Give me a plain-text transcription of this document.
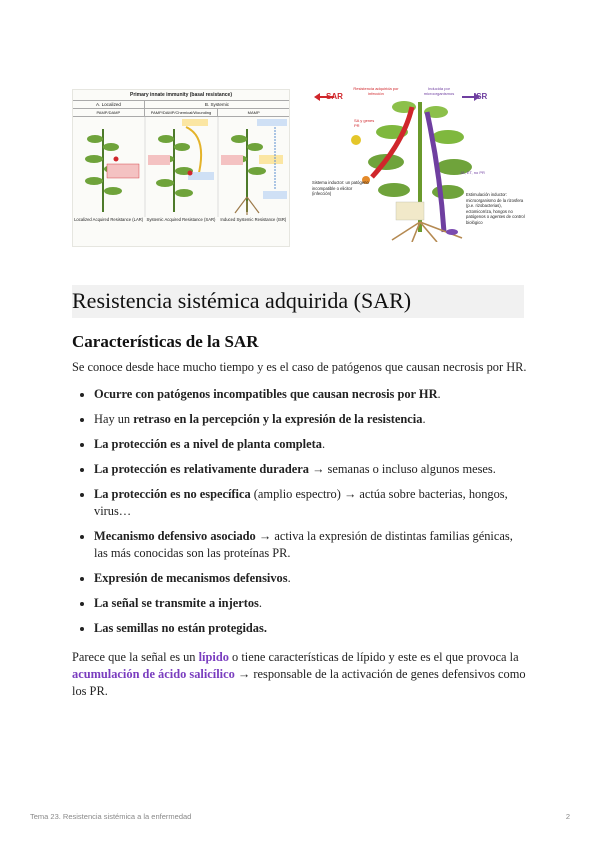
Primary innate immunity (basal resistance)
A. Localized	B. Systemic
PAMP/DAMP	PAMP/DAMP/Chemical/Wounding	MAMP
Localized Acquired Resistance (LAR) Systemic Acquired Resistance (SAR)	Induced Systemic Resistance (ISR)
SAR	ISR
Resistencia adquirida por infección
Inducida por microorganismos
SA y genes PR
JA, ET, no PR
Sistema inductor: un patógeno incompatible o elicitor (infección)	Estimulación inductor: microorganismo de la rizosfera (p.e. rizobacterias), ectomicorriza, hongos no patógenos o agentes de control biológico
Resistencia sistémica adquirida (SAR)
Características de la SAR

Se conoce desde hace mucho tiempo y es el caso de patógenos que causan necrosis por HR.

• Ocurre con patógenos incompatibles que causan necrosis por HR.
• Hay un retraso en la percepción y la expresión de la resistencia.
• La protección es a nivel de planta completa.
• La protección es relativamente duradera → semanas o incluso algunos meses.
• La protección es no específica (amplio espectro) → actúa sobre bacterias, hongos, virus…
• Mecanismo defensivo asociado → activa la expresión de distintas familias génicas, las más conocidas son las proteínas PR.
• Expresión de mecanismos defensivos.
• La señal se transmite a injertos.
• Las semillas no están protegidas.

Parece que la señal es un lípido o tiene características de lípido y este es el que provoca la acumulación de ácido salicílico → responsable de la activación de genes defensivos como los PR.

Tema 23. Resistencia sistémica a la enfermedad	2
